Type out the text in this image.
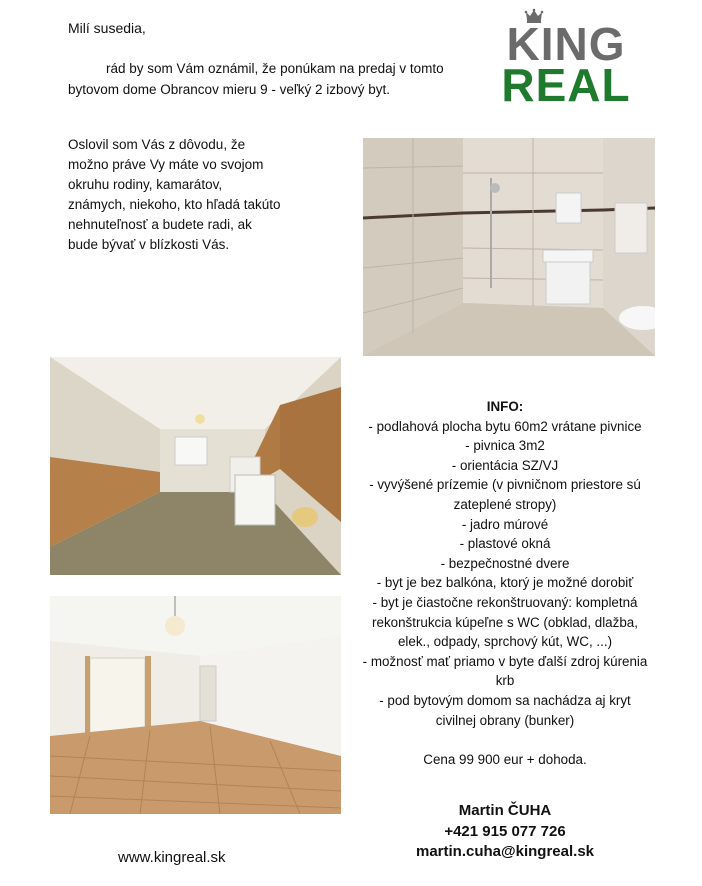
Milí susedia,
rád by som Vám oznámil, že ponúkam na predaj v tomto bytovom dome Obrancov mieru 9 - veľký 2 izbový byt.
Oslovil som Vás z dôvodu, že možno práve Vy máte vo svojom okruhu rodiny, kamarátov, známych, niekoho, kto hľadá takúto nehnuteľnosť a budete radi, ak bude bývať v blízkosti Vás.
KING
REAL
INFO:
- podlahová plocha bytu 60m2 vrátane pivnice
- pivnica 3m2
- orientácia SZ/VJ
- vyvýšené prízemie (v pivničnom priestore sú zateplené stropy)
- jadro múrové
- plastové okná
- bezpečnostné dvere
- byt je bez balkóna, ktorý je možné dorobiť
- byt je čiastočne rekonštruovaný: kompletná rekonštrukcia kúpeľne s WC (obklad, dlažba, elek., odpady, sprchový kút, WC, ...)
- možnosť mať priamo v byte ďalší zdroj kúrenia krb
- pod bytovým domom sa nachádza aj kryt civilnej obrany (bunker)
Cena 99 900 eur + dohoda.
Martin ČUHA
+421 915 077 726
martin.cuha@kingreal.sk
www.kingreal.sk
